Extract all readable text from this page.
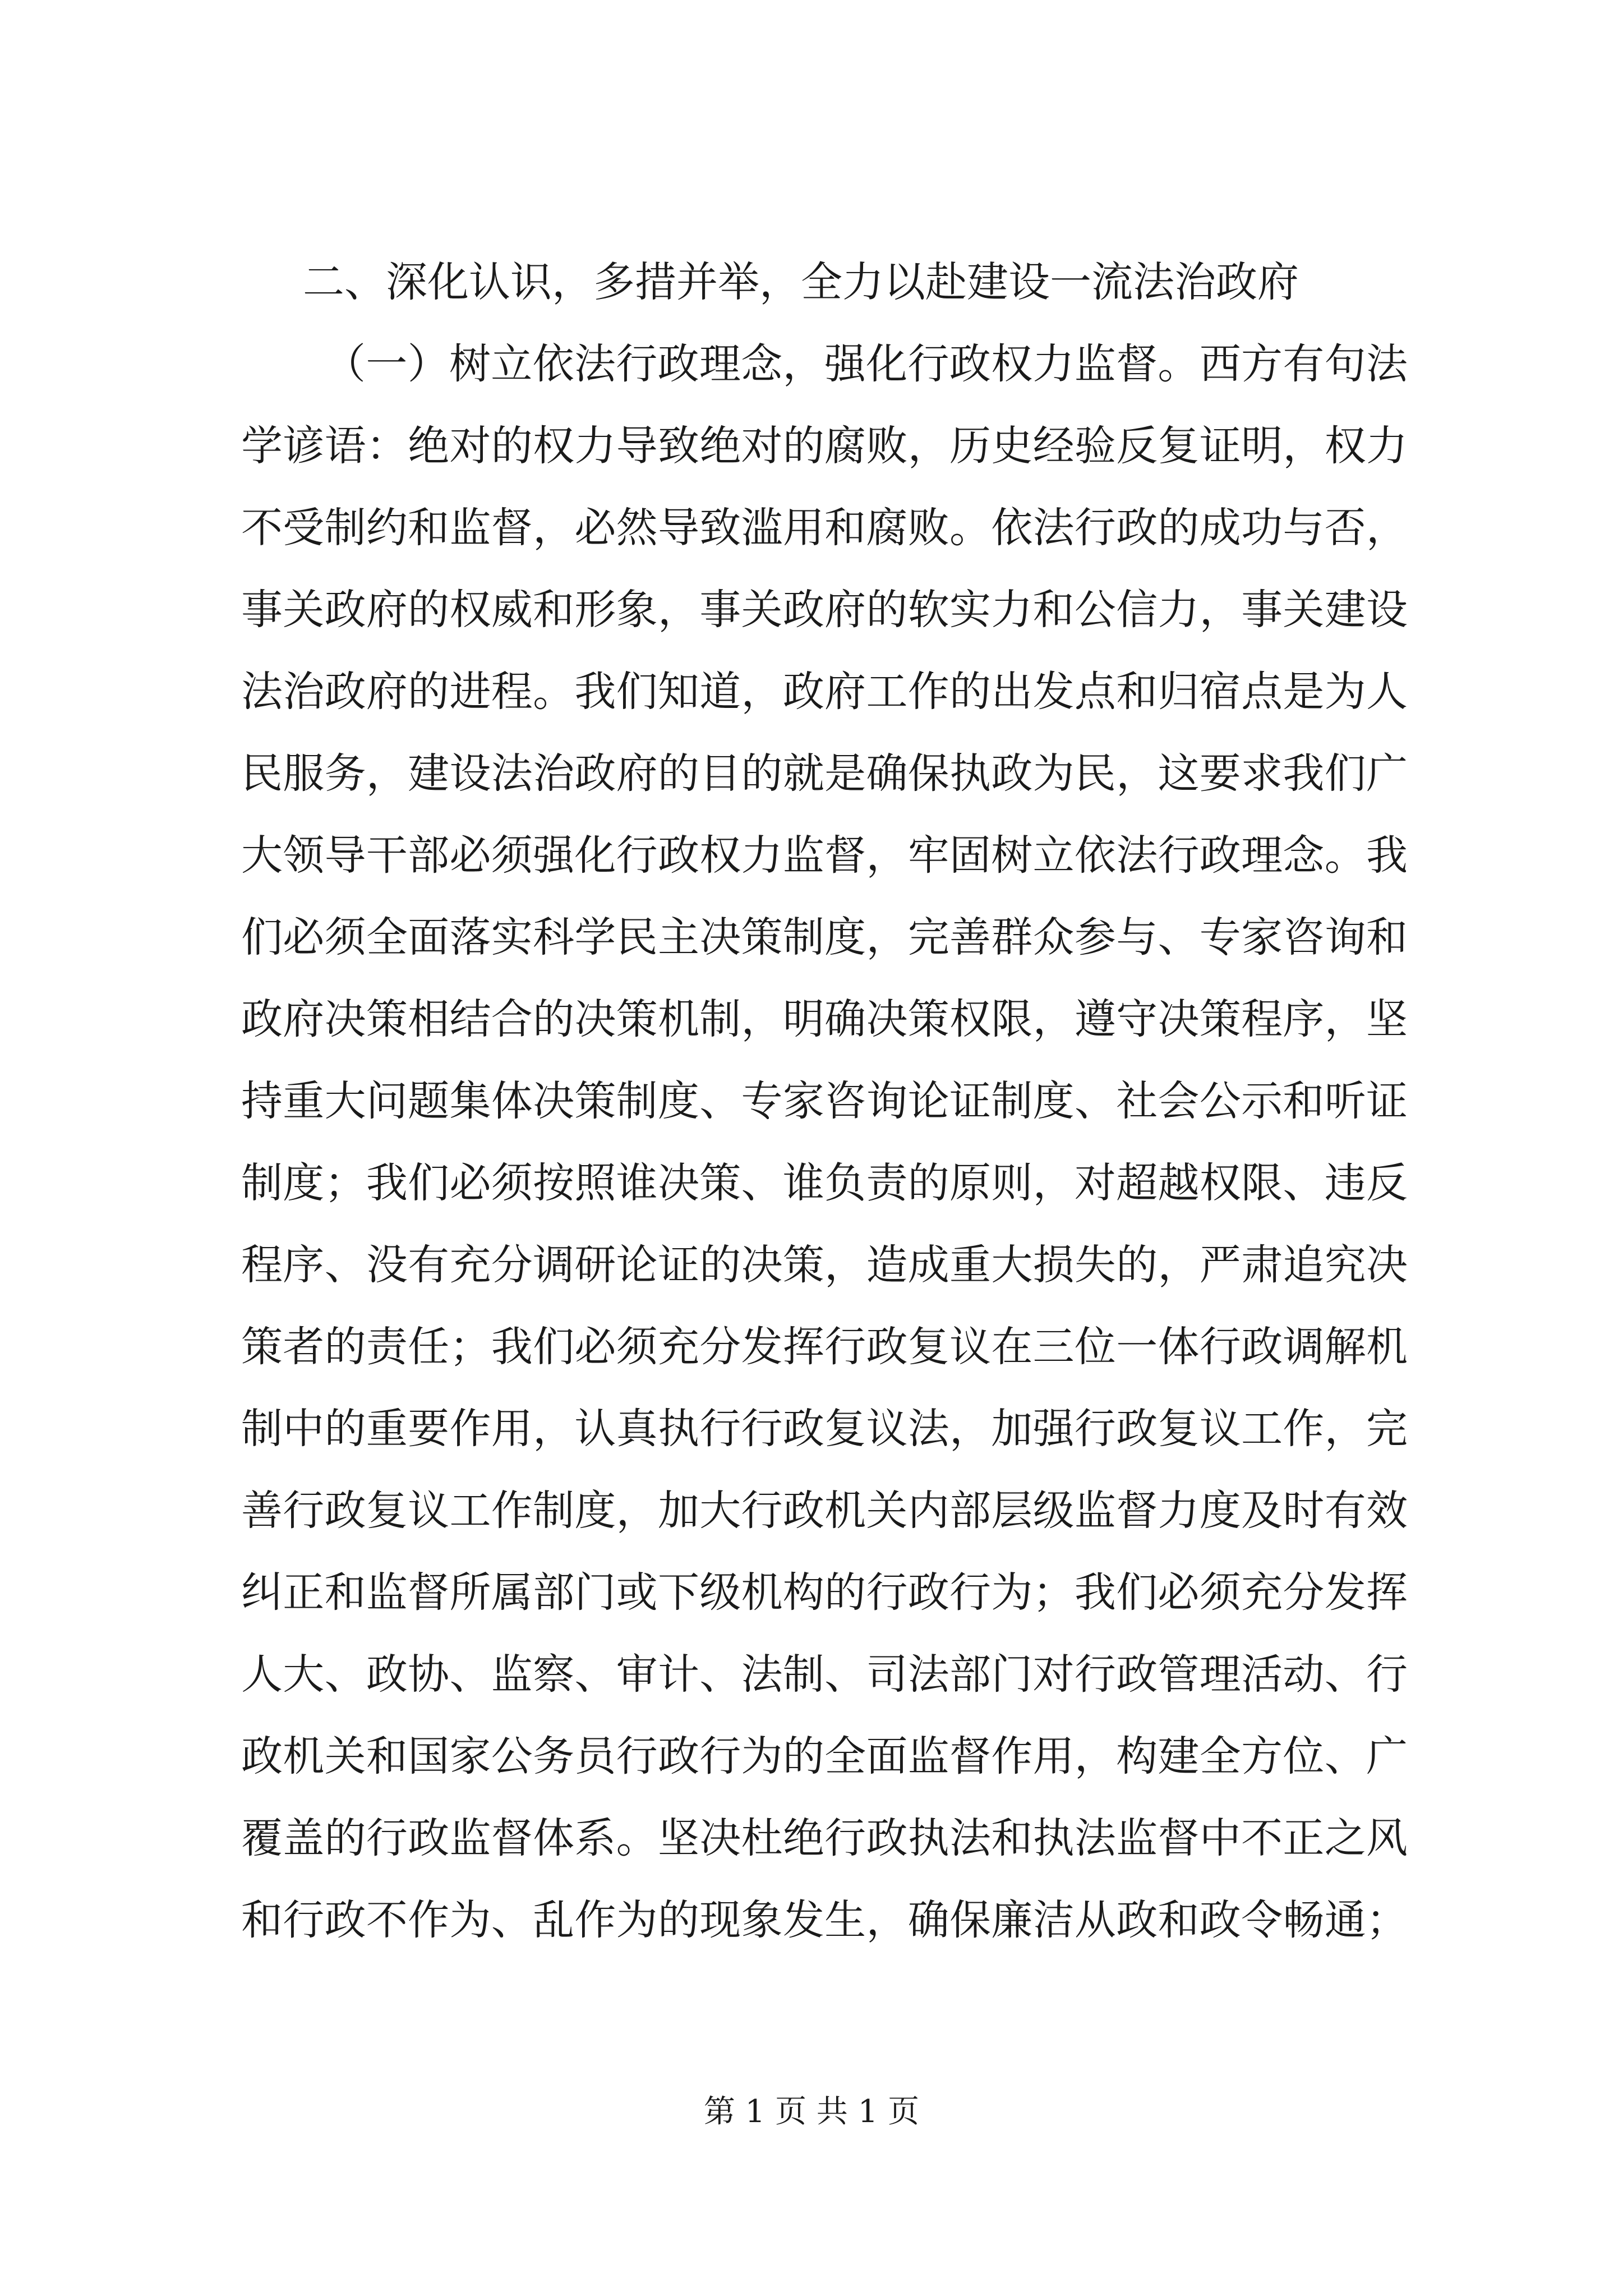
二、深化认识，多措并举，全力以赴建设一流法治政府
（一）树立依法行政理念，强化行政权力监督。西方有句法
学谚语：绝对的权力导致绝对的腐败，历史经验反复证明，权力
不受制约和监督，必然导致滥用和腐败。依法行政的成功与否，
事关政府的权威和形象，事关政府的软实力和公信力，事关建设
法治政府的进程。我们知道，政府工作的出发点和归宿点是为人
民服务，建设法治政府的目的就是确保执政为民，这要求我们广
大领导干部必须强化行政权力监督，牢固树立依法行政理念。我
们必须全面落实科学民主决策制度，完善群众参与、专家咨询和
政府决策相结合的决策机制，明确决策权限，遵守决策程序，坚
持重大问题集体决策制度、专家咨询论证制度、社会公示和听证
制度；我们必须按照谁决策、谁负责的原则，对超越权限、违反
程序、没有充分调研论证的决策，造成重大损失的，严肃追究决
策者的责任；我们必须充分发挥行政复议在三位一体行政调解机
制中的重要作用，认真执行行政复议法，加强行政复议工作，完
善行政复议工作制度，加大行政机关内部层级监督力度及时有效
纠正和监督所属部门或下级机构的行政行为；我们必须充分发挥
人大、政协、监察、审计、法制、司法部门对行政管理活动、行
政机关和国家公务员行政行为的全面监督作用，构建全方位、广
覆盖的行政监督体系。坚决杜绝行政执法和执法监督中不正之风
和行政不作为、乱作为的现象发生，确保廉洁从政和政令畅通；
第 1 页 共 1 页
